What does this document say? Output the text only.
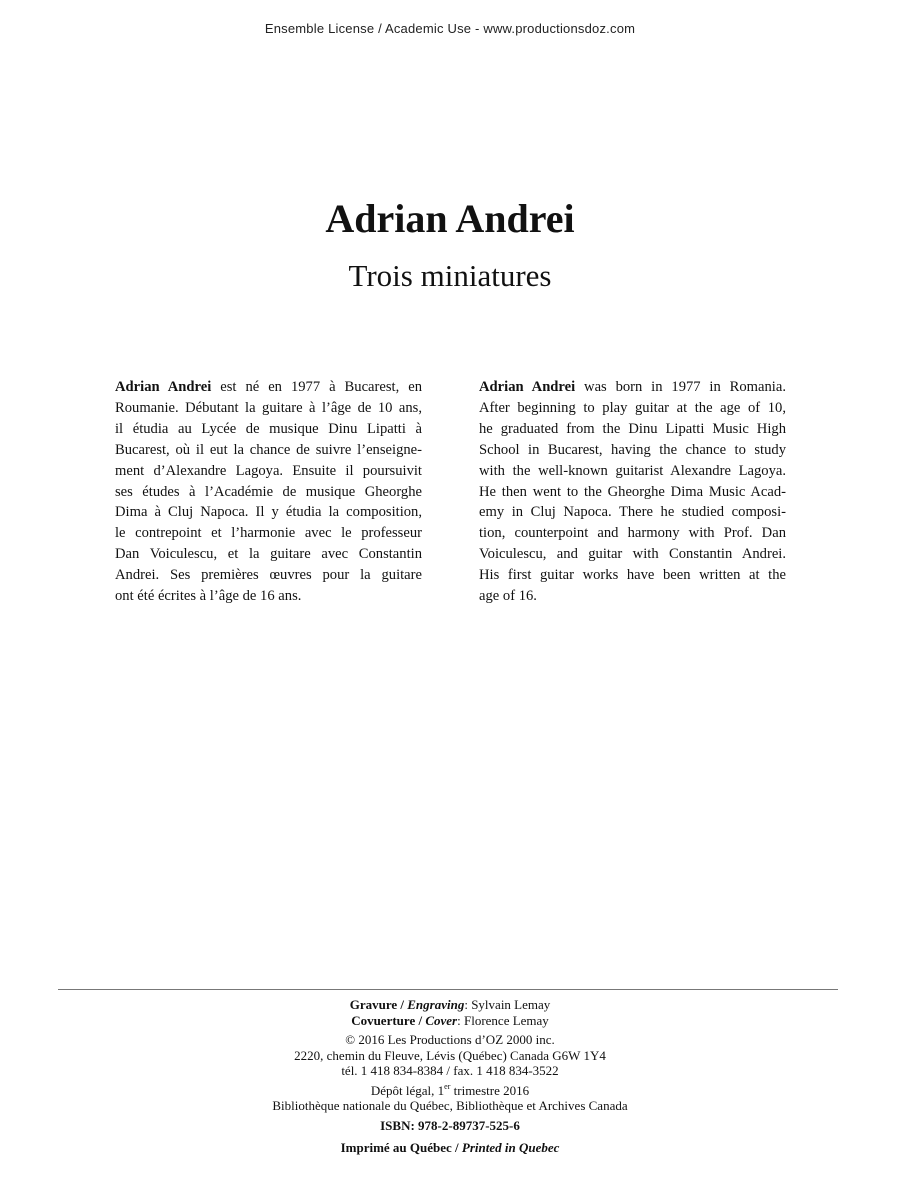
Ensemble License / Academic Use - www.productionsdoz.com
Adrian Andrei
Trois miniatures
Adrian Andrei est né en 1977 à Bucarest, en
Roumanie. Débutant la guitare à l’âge de 10 ans,
il étudia au Lycée de musique Dinu Lipatti à
Bucarest, où il eut la chance de suivre l’enseigne-
ment d’Alexandre Lagoya. Ensuite il poursuivit
ses études à l’Académie de musique Gheorghe
Dima à Cluj Napoca. Il y étudia la composition,
le contrepoint et l’harmonie avec le professeur
Dan Voiculescu, et la guitare avec Constantin
Andrei. Ses premières œuvres pour la guitare
ont été écrites à l’âge de 16 ans.
Adrian Andrei was born in 1977 in Romania.
After beginning to play guitar at the age of 10,
he graduated from the Dinu Lipatti Music High
School in Bucarest, having the chance to study
with the well-known guitarist Alexandre Lagoya.
He then went to the Gheorghe Dima Music Acad-
emy in Cluj Napoca. There he studied composi-
tion, counterpoint and harmony with Prof. Dan
Voiculescu, and guitar with Constantin Andrei.
His first guitar works have been written at the
age of 16.
Gravure / Engraving: Sylvain Lemay
Covuerture / Cover: Florence Lemay
© 2016 Les Productions d’OZ 2000 inc.
2220, chemin du Fleuve, Lévis (Québec) Canada G6W 1Y4
tél. 1 418 834-8384 / fax. 1 418 834-3522
Dépôt légal, 1er trimestre 2016
Bibliothèque nationale du Québec, Bibliothèque et Archives Canada
ISBN: 978-2-89737-525-6
Imprimé au Québec / Printed in Quebec
